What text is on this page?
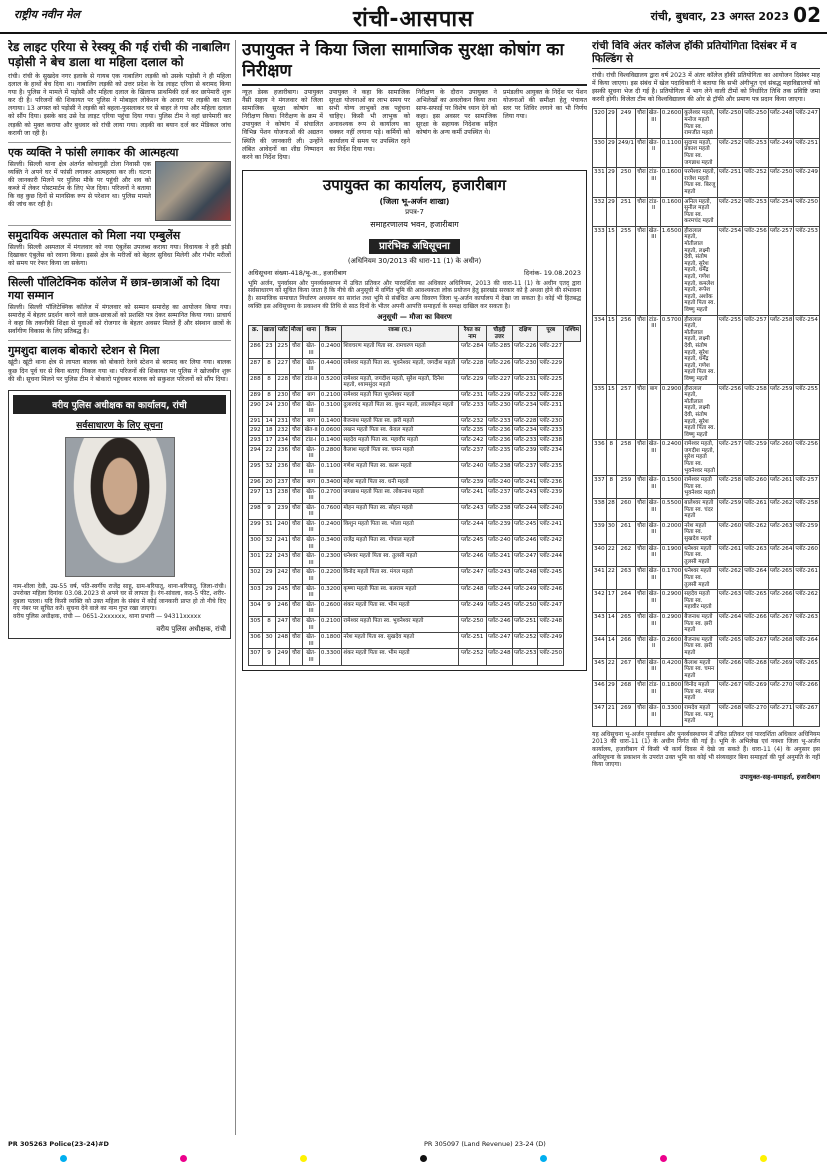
राष्ट्रीय नवीन मेल	रांची-आसपास	रांची, बुधवार, 23 अगस्त 2023 02
रेड लाइट एरिया से रेस्क्यू की गई रांची की नाबालिग पड़ोसी ने बेच डाला था महिला दलाल को
रांची। रांची के सुखदेव नगर इलाके से गायब एक नाबालिग लड़की को उसके पड़ोसी ने ही महिला दलाल के हाथों बेच दिया था। नाबालिग लड़की को उत्तर प्रदेश के रेड लाइट एरिया से बरामद किया गया है। पुलिस ने मामले में पड़ोसी और महिला दलाल के खिलाफ प्राथमिकी दर्ज कर छापेमारी शुरू कर दी है। परिजनों की शिकायत पर पुलिस ने मोबाइल लोकेशन के आधार पर लड़की का पता लगाया। 13 अगस्त को पड़ोसी ने लड़की को बहला-फुसलाकर घर से बाहर ले गया और महिला दलाल को सौंप दिया। इसके बाद उसे रेड लाइट एरिया पहुंचा दिया गया। पुलिस टीम ने वहां छापेमारी कर लड़की को मुक्त कराया और बुधवार को रांची लाया गया। लड़की का बयान दर्ज कर मेडिकल जांच करायी जा रही है।
एक व्यक्ति ने फांसी लगाकर की आत्महत्या
सिल्ली। सिल्ली थाना क्षेत्र अंतर्गत कोचागुड़ी टोला निवासी एक व्यक्ति ने अपने घर में फांसी लगाकर आत्महत्या कर ली। घटना की जानकारी मिलने पर पुलिस मौके पर पहुंची और शव को कब्जे में लेकर पोस्टमार्टम के लिए भेज दिया। परिजनों ने बताया कि वह कुछ दिनों से मानसिक रूप से परेशान था। पुलिस मामले की जांच कर रही है।
समुदायिक अस्पताल को मिला नया एम्बुलेंस
सिल्ली। सिल्ली अस्पताल में मंगलवार को नया एंबुलेंस उपलब्ध कराया गया। विधायक ने हरी झंडी दिखाकर एंबुलेंस को रवाना किया। इससे क्षेत्र के मरीजों को बेहतर सुविधा मिलेगी और गंभीर मरीजों को समय पर रेफर किया जा सकेगा।
सिल्ली पॉलिटेक्निक कॉलेज में छात्र-छात्राओं को दिया गया सम्मान
सिल्ली। सिल्ली पॉलिटेक्निक कॉलेज में मंगलवार को सम्मान समारोह का आयोजन किया गया। समारोह में बेहतर प्रदर्शन करने वाले छात्र-छात्राओं को प्रशस्ति पत्र देकर सम्मानित किया गया। प्राचार्य ने कहा कि तकनीकी शिक्षा से युवाओं को रोजगार के बेहतर अवसर मिलते हैं और संस्थान छात्रों के सर्वांगीण विकास के लिए प्रतिबद्ध है।
गुमशुदा बालक बोकारो स्टेशन से मिला
खूंटी। खूंटी थाना क्षेत्र से लापता बालक को बोकारो रेलवे स्टेशन से बरामद कर लिया गया। बालक कुछ दिन पूर्व घर से बिना बताए निकल गया था। परिजनों की शिकायत पर पुलिस ने खोजबीन शुरू की थी। सूचना मिलने पर पुलिस टीम ने बोकारो पहुंचकर बालक को सकुशल परिजनों को सौंप दिया।
वरीय पुलिस अधीक्षक का कार्यालय, रांची
सर्वसाधारण के लिए सूचना
नाम-शीला देवी, उम्र-55 वर्ष, पति-स्वर्गीय राजेंद्र साहू, ग्राम-बरियातू, थाना-बरियातू, जिला-रांची। उपरोक्त महिला दिनांक 03.08.2023 से अपने घर से लापता है। रंग-सांवला, कद-5 फीट, शरीर-दुबला पतला। यदि किसी व्यक्ति को उक्त महिला के संबंध में कोई जानकारी प्राप्त हो तो नीचे दिए गए नंबर पर सूचित करें। सूचना देने वाले का नाम गुप्त रखा जाएगा।
वरीय पुलिस अधीक्षक, रांची — 0651-2xxxxxx, थाना प्रभारी — 94311xxxxx
वरीय पुलिस अधीक्षक, रांची
उपायुक्त ने किया जिला सामाजिक सुरक्षा कोषांग का निरीक्षण
न्यूज़ डेस्क हजारीबाग। उपायुक्त नैंसी सहाय ने मंगलवार को जिला सामाजिक सुरक्षा कोषांग का निरीक्षण किया। निरीक्षण के क्रम में उपायुक्त ने कोषांग में संचालित विभिन्न पेंशन योजनाओं की अद्यतन स्थिति की जानकारी ली। उन्होंने लंबित आवेदनों का शीघ्र निष्पादन करने का निर्देश दिया।
उपायुक्त ने कहा कि सामाजिक सुरक्षा योजनाओं का लाभ समय पर सभी योग्य लाभुकों तक पहुंचना चाहिए। किसी भी लाभुक को अनावश्यक रूप से कार्यालय का चक्कर नहीं लगाना पड़े। कर्मियों को कार्यालय में समय पर उपस्थित रहने का निर्देश दिया गया।
निरीक्षण के दौरान उपायुक्त ने अभिलेखों का अवलोकन किया तथा साफ-सफाई पर विशेष ध्यान देने को कहा। इस अवसर पर सामाजिक सुरक्षा के सहायक निदेशक सहित कोषांग के अन्य कर्मी उपस्थित थे।
प्रमंडलीय आयुक्त के निर्देश पर पेंशन योजनाओं की समीक्षा हेतु पंचायत स्तर पर शिविर लगाने का भी निर्णय लिया गया।
उपायुक्त का कार्यालय, हजारीबाग
(जिला भू-अर्जन शाखा)
प्रपत्र-7
समाहरणालय भवन, हजारीबाग
प्रारंभिक अधिसूचना
(अधिनियम 30/2013 की धारा-11 (1) के अधीन)
अधिसूचना संख्या-418/भू-अ., हजारीबाग	दिनांक- 19.08.2023
भूमि अर्जन, पुनर्वासन और पुनर्व्यवस्थापन में उचित प्रतिकर और पारदर्शिता का अधिकार अधिनियम, 2013 की धारा-11 (1) के अधीन एतद् द्वारा सर्वसाधारण को सूचित किया जाता है कि नीचे की अनुसूची में वर्णित भूमि की आवश्यकता लोक प्रयोजन हेतु झारखंड सरकार को है अथवा होने की संभावना है। सामाजिक समाघात निर्धारण अध्ययन का सारांश तथा भूमि से संबंधित अन्य विवरण जिला भू-अर्जन कार्यालय में देखा जा सकता है। कोई भी हितबद्ध व्यक्ति इस अधिसूचना के प्रकाशन की तिथि से साठ दिनों के भीतर अपनी आपत्ति समाहर्ता के समक्ष दाखिल कर सकता है।
अनुसूची — मौजा का विवरण
क्र.	खाता	प्लॉट	मौजा	थाना	किस्म	रकबा (ए.)	रैयत का नाम	चौहद्दी उत्तर	दक्षिण	पूरब	पश्चिम
286	23	225	चौरा	खेत-III	0.2400	शिवचरण महतो पिता स्व. रामचरण महतो	प्लॉट-284	प्लॉट-285	प्लॉट-226	प्लॉट-227	
287	8	227	चौरा	खेत-III	0.4400	रामेश्वर महतो पिता स्व. भुवनेश्वर महतो, जगदीश महतो	प्लॉट-228	प्लॉट-226	प्लॉट-230	प्लॉट-229	
288	8	228	चौरा	टांड-II	0.5200	रामेश्वर महतो, जगदीश महतो, सुरेश महतो, दिनेश महतो, श्यामसुंदर महतो	प्लॉट-229	प्लॉट-227	प्लॉट-231	प्लॉट-225	
289	8	230	चौरा	बाग	0.2100	रामेश्वर महतो पिता भुवनेश्वर महतो	प्लॉट-231	प्लॉट-229	प्लॉट-232	प्लॉट-228	
290	24	230	चौरा	खेत-III	0.3100	दुलारचंद महतो पिता स्व. बुधन महतो, लालमोहन महतो	प्लॉट-233	प्लॉट-230	प्लॉट-234	प्लॉट-231	
291	14	231	चौरा	बाग	0.1400	बैजनाथ महतो पिता स्व. झरी महतो	प्लॉट-232	प्लॉट-233	प्लॉट-228	प्लॉट-230	
292	18	232	चौरा	खेत-II	0.0600	लखन महतो पिता स्व. केवल महतो	प्लॉट-235	प्लॉट-236	प्लॉट-234	प्लॉट-233	
293	17	234	चौरा	टांड-I	0.1400	सहदेव महतो पिता स्व. महावीर महतो	प्लॉट-242	प्लॉट-236	प्लॉट-233	प्लॉट-238	
294	22	236	चौरा	खेत-III	0.2800	कैलाश महतो पिता स्व. चमन महतो	प्लॉट-237	प्लॉट-235	प्लॉट-239	प्लॉट-234	
295	32	236	चौरा	खेत-III	0.1100	गणेश महतो पिता स्व. कारू महतो	प्लॉट-240	प्लॉट-238	प्लॉट-237	प्लॉट-235	
296	20	237	चौरा	बाग	0.3400	महेश महतो पिता स्व. धनी महतो	प्लॉट-239	प्लॉट-240	प्लॉट-241	प्लॉट-236	
297	13	238	चौरा	खेत-III	0.2700	जगन्नाथ महतो पिता स्व. लोकनाथ महतो	प्लॉट-241	प्लॉट-237	प्लॉट-243	प्लॉट-239	
298	9	239	चौरा	खेत-III	0.7600	मोहन महतो पिता स्व. सोहन महतो	प्लॉट-243	प्लॉट-238	प्लॉट-244	प्लॉट-240	
299	31	240	चौरा	खेत-III	0.2400	किशुन महतो पिता स्व. भोला महतो	प्लॉट-244	प्लॉट-239	प्लॉट-245	प्लॉट-241	
300	32	241	चौरा	खेत-III	0.3400	राजेंद्र महतो पिता स्व. गोपाल महतो	प्लॉट-245	प्लॉट-240	प्लॉट-246	प्लॉट-242	
301	22	243	चौरा	खेत-III	0.2300	धनेश्वर महतो पिता स्व. तुलसी महतो	प्लॉट-246	प्लॉट-241	प्लॉट-247	प्लॉट-244	
302	29	242	चौरा	खेत-III	0.2200	विनोद महतो पिता स्व. मंगल महतो	प्लॉट-247	प्लॉट-243	प्लॉट-248	प्लॉट-245	
303	29	245	चौरा	खेत-III	0.3200	कृष्णा महतो पिता स्व. बलराम महतो	प्लॉट-248	प्लॉट-244	प्लॉट-249	प्लॉट-246	
304	9	246	चौरा	खेत-III	0.2600	शंकर महतो पिता स्व. भीम महतो	प्लॉट-249	प्लॉट-245	प्लॉट-250	प्लॉट-247	
305	8	247	चौरा	खेत-III	0.2100	रामेश्वर महतो पिता स्व. भुवनेश्वर महतो	प्लॉट-250	प्लॉट-246	प्लॉट-251	प्लॉट-248	
306	30	248	चौरा	खेत-III	0.1800	नरेश महतो पिता स्व. सुखदेव महतो	प्लॉट-251	प्लॉट-247	प्लॉट-252	प्लॉट-249	
307	9	249	चौरा	खेत-III	0.3300	शंकर महतो पिता स्व. भीम महतो	प्लॉट-252	प्लॉट-248	प्लॉट-253	प्लॉट-250	
रांची विवि अंतर कॉलेज हॉकी प्रतियोगिता दिसंबर में व फिल्डिंग से
रांची। रांची विश्वविद्यालय द्वारा वर्ष 2023 में अंतर कॉलेज हॉकी प्रतियोगिता का आयोजन दिसंबर माह में किया जाएगा। इस संबंध में खेल पदाधिकारी ने बताया कि सभी अंगीभूत एवं संबद्ध महाविद्यालयों को इसकी सूचना भेज दी गई है। प्रतियोगिता में भाग लेने वाली टीमों को निर्धारित तिथि तक प्रविष्टि जमा करनी होगी। विजेता टीम को विश्वविद्यालय की ओर से ट्रॉफी और प्रमाण पत्र प्रदान किया जाएगा।
320	29	249	चौरा	खेत-III	0.2600	कुलेश्वर महतो, मनोज महतो पिता स्व. रामजीत महतो	प्लॉट-250	प्लॉट-250	प्लॉट-248	प्लॉट-247
330	29	249/1	चौरा	खेत-II	0.1100	सुदामा महतो, प्रकाश महतो पिता स्व. जगन्नाथ महतो	प्लॉट-252	प्लॉट-253	प्लॉट-249	प्लॉट-251
331	29	250	चौरा	टांड-III	0.1600	परमेश्वर महतो, राजेश महतो पिता स्व. बिरजू महतो	प्लॉट-251	प्लॉट-252	प्लॉट-250	प्लॉट-249
332	29	251	चौरा	टांड-II	0.1600	अनिल महतो, सुनील महतो पिता स्व. करमचंद महतो	प्लॉट-252	प्लॉट-253	प्लॉट-254	प्लॉट-250
333	15	255	चौरा	खेत-III	1.6500	हीरालाल महतो, मोतीलाल महतो, लक्ष्मी देवी, संतोष महतो, सुरेश महतो, धर्मेंद्र महतो, गणेश महतो, कमलेश महतो, रूपेश महतो, अशोक महतो पिता स्व. विष्णु महतो	प्लॉट-254	प्लॉट-256	प्लॉट-257	प्लॉट-253
334	15	256	चौरा	टांड-III	0.5700	हीरालाल महतो, मोतीलाल महतो, लक्ष्मी देवी, संतोष महतो, सुरेश महतो, धर्मेंद्र महतो, गणेश महतो पिता स्व. विष्णु महतो	प्लॉट-255	प्लॉट-257	प्लॉट-258	प्लॉट-254
335	15	257	चौरा	बाग	0.2900	हीरालाल महतो, मोतीलाल महतो, लक्ष्मी देवी, संतोष महतो, सुरेश महतो पिता स्व. विष्णु महतो	प्लॉट-256	प्लॉट-258	प्लॉट-259	प्लॉट-255
336	8	258	चौरा	खेत-III	0.2400	रामेश्वर महतो, जगदीश महतो, सुरेश महतो पिता स्व. भुवनेश्वर महतो	प्लॉट-257	प्लॉट-259	प्लॉट-260	प्लॉट-256
337	8	259	चौरा	खेत-III	0.1500	रामेश्वर महतो पिता स्व. भुवनेश्वर महतो	प्लॉट-258	प्लॉट-260	प्लॉट-261	प्लॉट-257
338	28	260	चौरा	खेत-III	0.5500	बालेश्वर महतो पिता स्व. चंदर महतो	प्लॉट-259	प्लॉट-261	प्लॉट-262	प्लॉट-258
339	30	261	चौरा	खेत-III	0.2000	नरेश महतो पिता स्व. सुखदेव महतो	प्लॉट-260	प्लॉट-262	प्लॉट-263	प्लॉट-259
340	22	262	चौरा	खेत-III	0.1900	धनेश्वर महतो पिता स्व. तुलसी महतो	प्लॉट-261	प्लॉट-263	प्लॉट-264	प्लॉट-260
341	22	263	चौरा	खेत-III	0.1700	धनेश्वर महतो पिता स्व. तुलसी महतो	प्लॉट-262	प्लॉट-264	प्लॉट-265	प्लॉट-261
342	17	264	चौरा	खेत-III	0.2900	सहदेव महतो पिता स्व. महावीर महतो	प्लॉट-263	प्लॉट-265	प्लॉट-266	प्लॉट-262
343	14	265	चौरा	खेत-III	0.2900	बैजनाथ महतो पिता स्व. झरी महतो	प्लॉट-264	प्लॉट-266	प्लॉट-267	प्लॉट-263
344	14	266	चौरा	खेत-II	0.2600	बैजनाथ महतो पिता स्व. झरी महतो	प्लॉट-265	प्लॉट-267	प्लॉट-268	प्लॉट-264
345	22	267	चौरा	खेत-III	0.4200	कैलाश महतो पिता स्व. चमन महतो	प्लॉट-266	प्लॉट-268	प्लॉट-269	प्लॉट-265
346	29	268	चौरा	टांड-III	0.1800	विनोद महतो पिता स्व. मंगल महतो	प्लॉट-267	प्लॉट-269	प्लॉट-270	प्लॉट-266
347	21	269	चौरा	खेत-III	0.3300	रामदेव महतो पिता स्व. फागु महतो	प्लॉट-268	प्लॉट-270	प्लॉट-271	प्लॉट-267
यह अधिसूचना भू-अर्जन पुनर्वासन और पुनर्व्यवस्थापन में उचित प्रतिकर एवं पारदर्शिता अधिकार अधिनियम 2013 की धारा-11 (1) के अधीन निर्गत की गई है। भूमि के अभिलेख एवं नक्शा जिला भू-अर्जन कार्यालय, हजारीबाग में किसी भी कार्य दिवस में देखे जा सकते हैं। धारा-11 (4) के अनुसार इस अधिसूचना के प्रकाशन के उपरांत उक्त भूमि का कोई भी संव्यवहार बिना समाहर्ता की पूर्व अनुमति के नहीं किया जाएगा।
उपायुक्त-सह-समाहर्ता, हजारीबाग
PR 305263 Police(23-24)#D	PR 305097 (Land Revenue) 23-24 (D)
